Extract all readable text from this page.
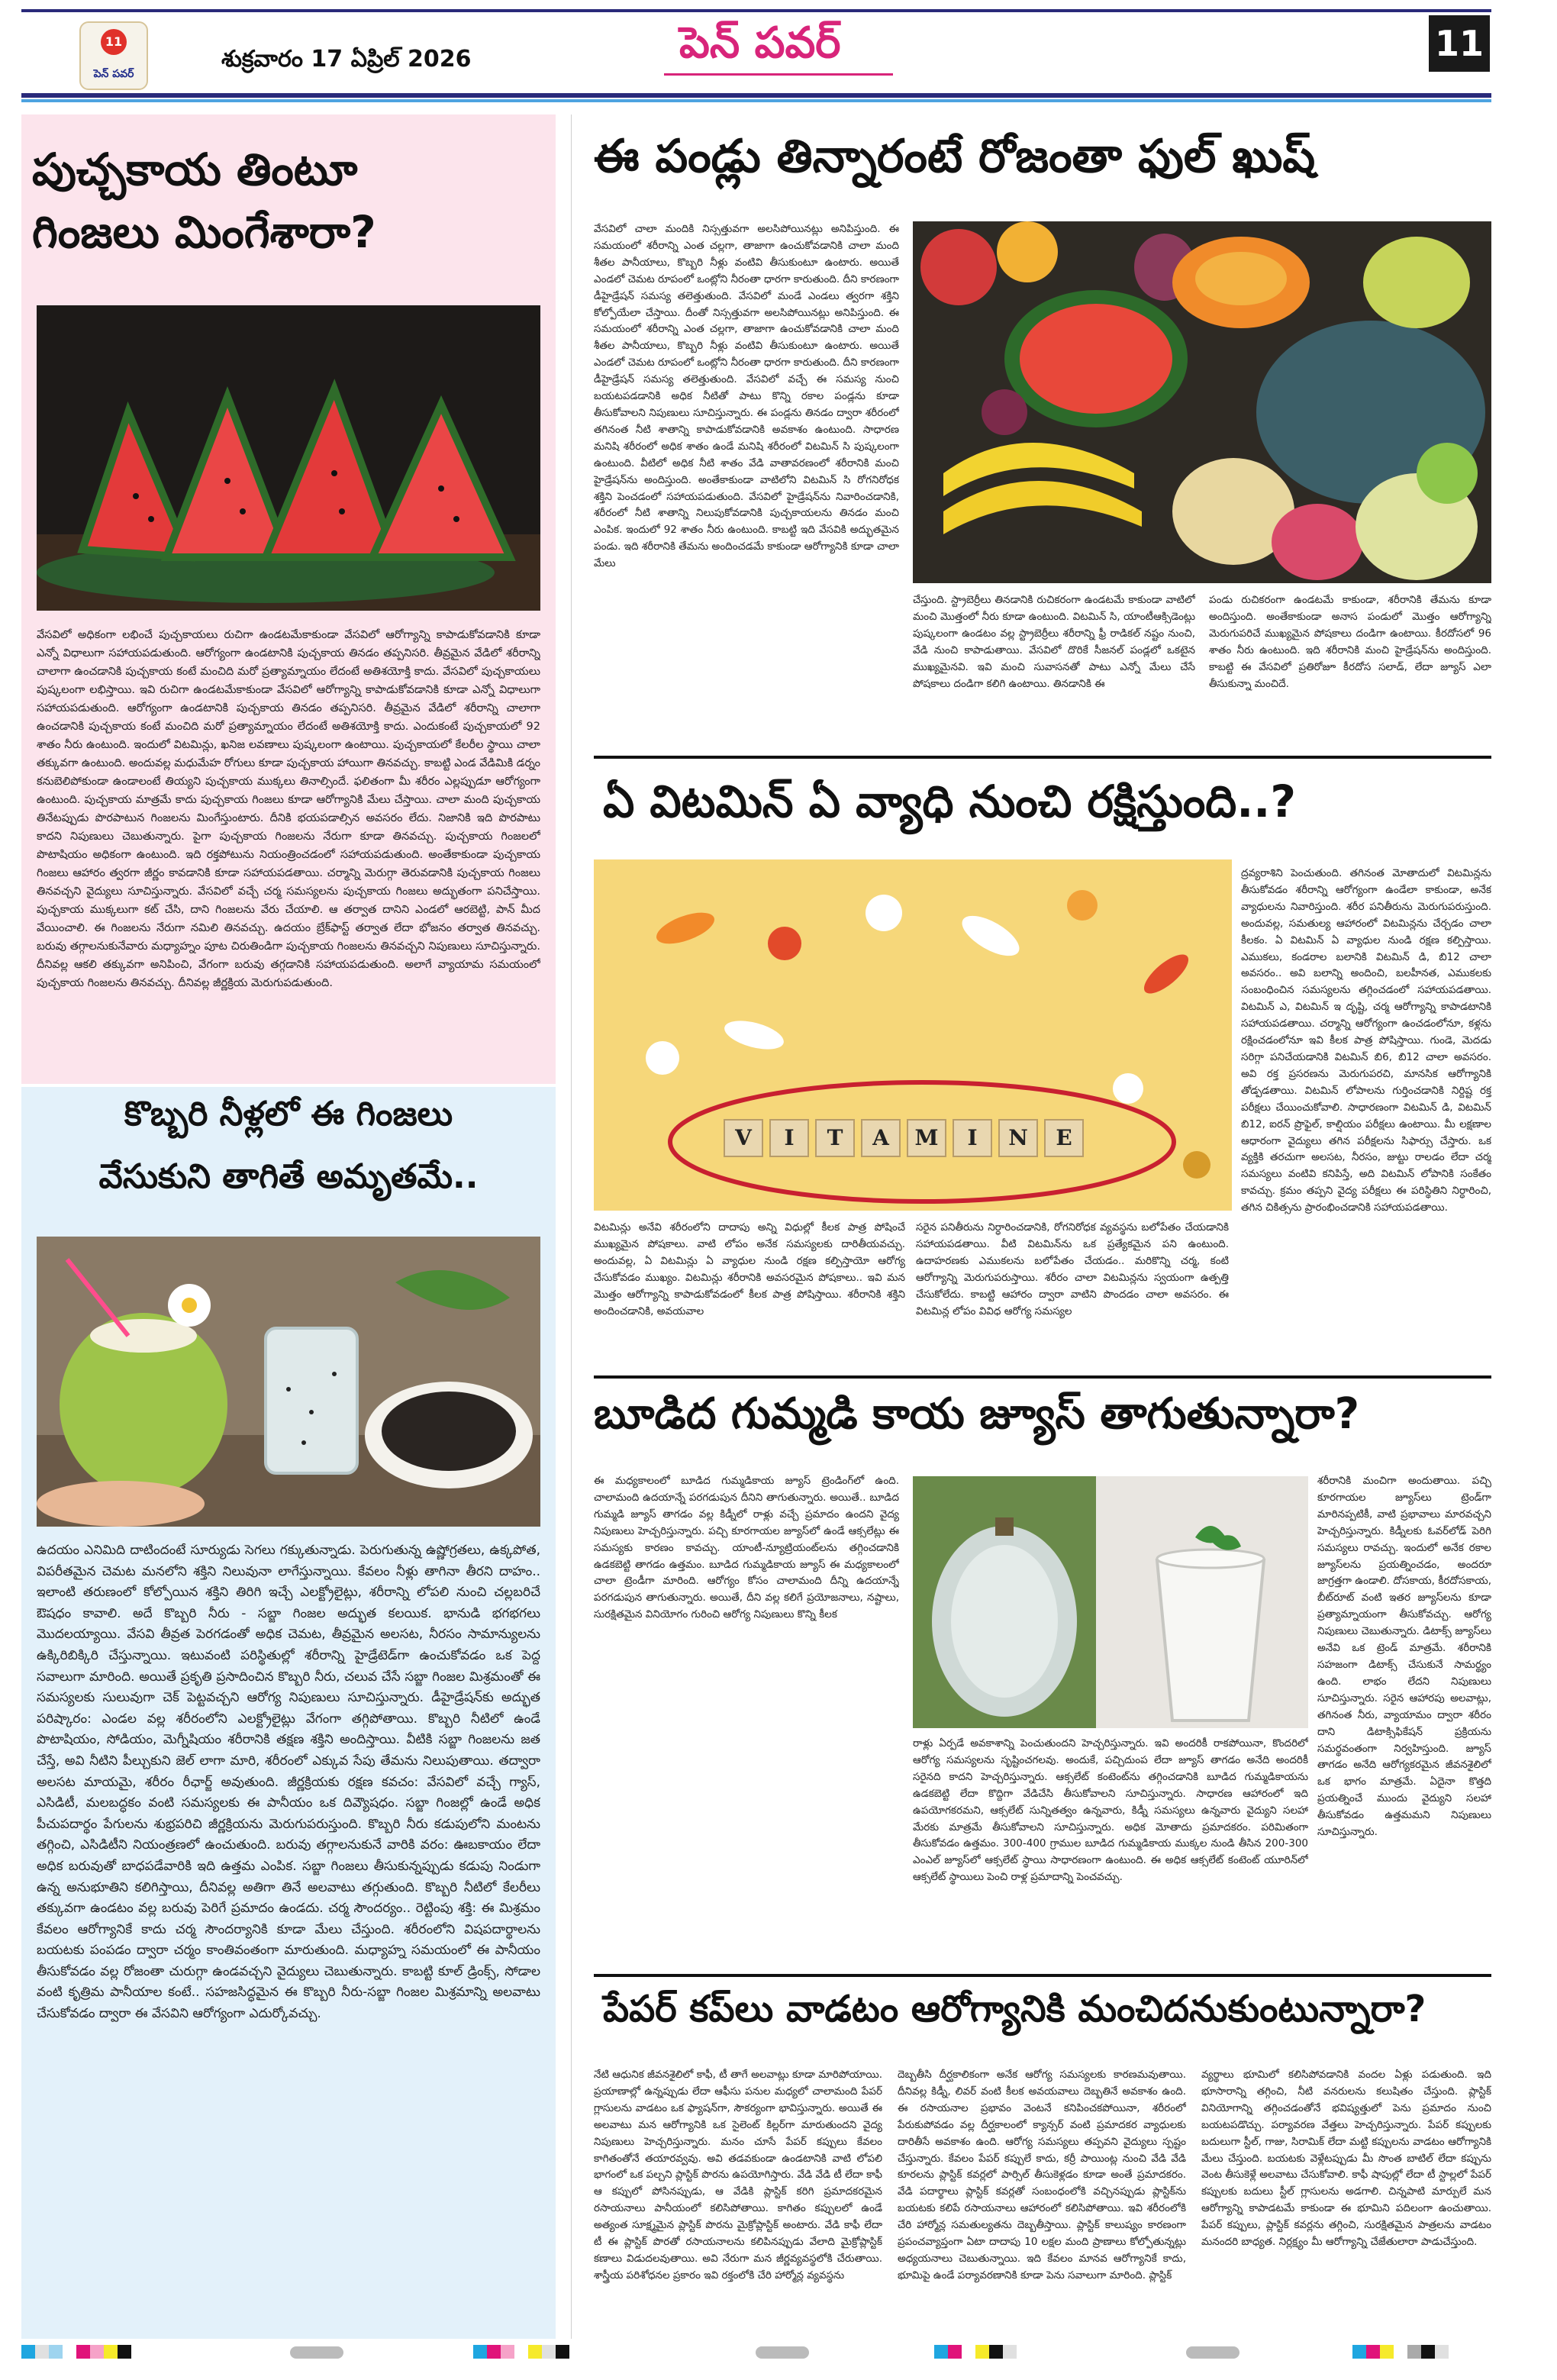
11
పెన్ పవర్
శుక్రవారం 17 ఏప్రిల్ 2026	పెన్ పవర్	11
పుచ్చకాయ తింటూ
గింజలు మింగేశారా?
వేసవిలో అధికంగా లభించే పుచ్చకాయలు రుచిగా ఉండటమేకాకుండా వేసవిలో ఆరోగ్యాన్ని కాపాడుకోవడానికి కూడా ఎన్నో విధాలుగా సహాయపడుతుంది. ఆరోగ్యంగా ఉండటానికి పుచ్చకాయ తినడం తప్పనిసరి. తీవ్రమైన వేడిలో శరీరాన్ని చాలాగా ఉంచడానికి పుచ్చకాయ కంటే మంచిది మరో ప్రత్యామ్నాయం లేదంటే అతిశయోక్తి కాదు. వేసవిలో పుచ్చకాయలు పుష్కలంగా లభిస్తాయి. ఇవి రుచిగా ఉండటమేకాకుండా వేసవిలో ఆరోగ్యాన్ని కాపాడుకోవడానికి కూడా ఎన్నో విధాలుగా సహాయపడుతుంది. ఆరోగ్యంగా ఉండటానికి పుచ్చకాయ తినడం తప్పనిసరి. తీవ్రమైన వేడిలో శరీరాన్ని చాలాగా ఉంచడానికి పుచ్చకాయ కంటే మంచిది మరో ప్రత్యామ్నాయం లేదంటే అతిశయోక్తి కాదు. ఎందుకంటే పుచ్చకాయలో 92 శాతం నీరు ఉంటుంది. ఇందులో విటమిన్లు, ఖనిజ లవణాలు పుష్కలంగా ఉంటాయి. పుచ్చకాయలో కేలరీల స్థాయి చాలా తక్కువగా ఉంటుంది. అందువల్ల మధుమేహ రోగులు కూడా పుచ్చకాయ హాయిగా తినవచ్చు. కాబట్టి ఎండ వేడిమికి డర్నం కనుబెలిపోకుండా ఉండాలంటే తియ్యని పుచ్చకాయ ముక్కలు తినాల్సిందే. ఫలితంగా మీ శరీరం ఎల్లప్పుడూ ఆరోగ్యంగా ఉంటుంది. పుచ్చకాయ మాత్రమే కాదు పుచ్చకాయ గింజలు కూడా ఆరోగ్యానికి మేలు చేస్తాయి. చాలా మంది పుచ్చకాయ తినేటప్పుడు పొరపాటున గింజలను మింగేస్తుంటారు. దీనికి భయపడాల్సిన అవసరం లేదు. నిజానికి ఇది పొరపాటు కాదని నిపుణులు చెబుతున్నారు. పైగా పుచ్చకాయ గింజలను నేరుగా కూడా తినవచ్చు. పుచ్చకాయ గింజలలో పొటాషియం అధికంగా ఉంటుంది. ఇది రక్తపోటును నియంత్రించడంలో సహాయపడుతుంది. అంతేకాకుండా పుచ్చకాయ గింజలు ఆహారం త్వరగా జీర్ణం కావడానికి కూడా సహాయపడతాయి. చర్మాన్ని మెరుగ్గా తెరువడానికి పుచ్చకాయ గింజలు తినవచ్చని వైద్యులు సూచిస్తున్నారు. వేసవిలో వచ్చే చర్మ సమస్యలను పుచ్చకాయ గింజలు అద్భుతంగా పనిచేస్తాయి. పుచ్చకాయ ముక్కలుగా కట్ చేసి, దాని గింజలను వేరు చేయాలి. ఆ తర్వాత దానిని ఎండలో ఆరబెట్టి, పాన్ మీద వేయించాలి. ఈ గింజలను నేరుగా నమిలి తినవచ్చు. ఉదయం బ్రేక్‌ఫాస్ట్ తర్వాత లేదా భోజనం తర్వాత తినవచ్చు. బరువు తగ్గాలనుకునేవారు మధ్యాహ్నం పూట చిరుతిండిగా పుచ్చకాయ గింజలను తినవచ్చని నిపుణులు సూచిస్తున్నారు. దీనివల్ల ఆకలి తక్కువగా అనిపించి, వేగంగా బరువు తగ్గడానికి సహాయపడుతుంది. అలాగే వ్యాయామ సమయంలో పుచ్చకాయ గింజలను తినవచ్చు. దీనివల్ల జీర్ణక్రియ మెరుగుపడుతుంది.
కొబ్బరి నీళ్లలో ఈ గింజలు
వేసుకుని తాగితే అమృతమే..
ఉదయం ఎనిమిది దాటిందంటే సూర్యుడు సెగలు గక్కుతున్నాడు. పెరుగుతున్న ఉష్ణోగ్రతలు, ఉక్కపోత, విపరీతమైన చెమట మనలోని శక్తిని నిలువునా లాగేస్తున్నాయి. కేవలం నీళ్లు తాగినా తీరని దాహం.. ఇలాంటి తరుణంలో కోల్పోయిన శక్తిని తిరిగి ఇచ్చే ఎలక్ట్రోలైట్లు, శరీరాన్ని లోపలి నుంచి చల్లబరిచే ఔషధం కావాలి. అదే కొబ్బరి నీరు - సబ్జా గింజల అద్భుత కలయిక. భానుడి భగభగలు మొదలయ్యాయి. వేసవి తీవ్రత పెరగడంతో అధిక చెమట, తీవ్రమైన అలసట, నీరసం సామాన్యులను ఉక్కిరిబిక్కిరి చేస్తున్నాయి. ఇటువంటి పరిస్థితుల్లో శరీరాన్ని హైడ్రేటెడ్‌గా ఉంచుకోవడం ఒక పెద్ద సవాలుగా మారింది. అయితే ప్రకృతి ప్రసాదించిన కొబ్బరి నీరు, చలువ చేసే సబ్జా గింజల మిశ్రమంతో ఈ సమస్యలకు సులువుగా చెక్ పెట్టవచ్చని ఆరోగ్య నిపుణులు సూచిస్తున్నారు. డీహైడ్రేషన్‌కు అద్భుత పరిష్కారం: ఎండల వల్ల శరీరంలోని ఎలక్ట్రోలైట్లు వేగంగా తగ్గిపోతాయి. కొబ్బరి నీటిలో ఉండే పొటాషియం, సోడియం, మెగ్నీషియం శరీరానికి తక్షణ శక్తిని అందిస్తాయి. వీటికి సబ్జా గింజలను జత చేస్తే, అవి నీటిని పీల్చుకుని జెల్ లాగా మారి, శరీరంలో ఎక్కువ సేపు తేమను నిలుపుతాయి. తద్వారా అలసట మాయమై, శరీరం రీఛార్జ్ అవుతుంది. జీర్ణక్రియకు రక్షణ కవచం: వేసవిలో వచ్చే గ్యాస్, ఎసిడిటీ, మలబద్ధకం వంటి సమస్యలకు ఈ పానీయం ఒక దివ్యౌషధం. సబ్జా గింజల్లో ఉండే అధిక పీచుపదార్థం పేగులను శుభ్రపరిచి జీర్ణక్రియను మెరుగుపరుస్తుంది. కొబ్బరి నీరు కడుపులోని మంటను తగ్గించి, ఎసిడిటీని నియంత్రణలో ఉంచుతుంది. బరువు తగ్గాలనుకునే వారికి వరం: ఊబకాయం లేదా అధిక బరువుతో బాధపడేవారికి ఇది ఉత్తమ ఎంపిక. సబ్జా గింజలు తీసుకున్నప్పుడు కడుపు నిండుగా ఉన్న అనుభూతిని కలిగిస్తాయి, దీనివల్ల అతిగా తినే అలవాటు తగ్గుతుంది. కొబ్బరి నీటిలో కేలరీలు తక్కువగా ఉండటం వల్ల బరువు పెరిగే ప్రమాదం ఉండదు. చర్మ సౌందర్యం.. రెట్టింపు శక్తి: ఈ మిశ్రమం కేవలం ఆరోగ్యానికే కాదు చర్మ సౌందర్యానికి కూడా మేలు చేస్తుంది. శరీరంలోని విషపదార్థాలను బయటకు పంపడం ద్వారా చర్మం కాంతివంతంగా మారుతుంది. మధ్యాహ్న సమయంలో ఈ పానీయం తీసుకోవడం వల్ల రోజంతా చురుగ్గా ఉండవచ్చని వైద్యులు చెబుతున్నారు. కాబట్టి కూల్ డ్రింక్స్, సోడాల వంటి కృత్రిమ పానీయాల కంటే.. సహజసిద్ధమైన ఈ కొబ్బరి నీరు-సబ్జా గింజల మిశ్రమాన్ని అలవాటు చేసుకోవడం ద్వారా ఈ వేసవిని ఆరోగ్యంగా ఎదుర్కోవచ్చు.
ఈ పండ్లు తిన్నారంటే రోజంతా ఫుల్ ఖుష్
వేసవిలో చాలా మందికి నిస్సత్తువగా అలసిపోయినట్లు అనిపిస్తుంది. ఈ సమయంలో శరీరాన్ని ఎంత చల్లగా, తాజాగా ఉంచుకోవడానికి చాలా మంది శీతల పానీయాలు, కొబ్బరి నీళ్లు వంటివి తీసుకుంటూ ఉంటారు. అయితే ఎండలో చెమట రూపంలో ఒంట్లోని నీరంతా ధారగా కారుతుంది. దీని కారణంగా డీహైడ్రేషన్ సమస్య తలెత్తుతుంది. వేసవిలో మండే ఎండలు త్వరగా శక్తిని కోల్పోయేలా చేస్తాయి. దీంతో నిస్సత్తువగా అలసిపోయినట్లు అనిపిస్తుంది. ఈ సమయంలో శరీరాన్ని ఎంత చల్లగా, తాజాగా ఉంచుకోవడానికి చాలా మంది శీతల పానీయాలు, కొబ్బరి నీళ్లు వంటివి తీసుకుంటూ ఉంటారు. అయితే ఎండలో చెమట రూపంలో ఒంట్లోని నీరంతా ధారగా కారుతుంది. దీని కారణంగా డీహైడ్రేషన్ సమస్య తలెత్తుతుంది. వేసవిలో వచ్చే ఈ సమస్య నుంచి బయటపడడానికి అధిక నీటితో పాటు కొన్ని రకాల పండ్లను కూడా తీసుకోవాలని నిపుణులు సూచిస్తున్నారు. ఈ పండ్లను తినడం ద్వారా శరీరంలో తగినంత నీటి శాతాన్ని కాపాడుకోవడానికి అవకాశం ఉంటుంది. సాధారణ మనిషి శరీరంలో అధిక శాతం ఉండే మనిషి శరీరంలో విటమిన్ సి పుష్కలంగా ఉంటుంది. వీటిలో అధిక నీటి శాతం వేడి వాతావరణంలో శరీరానికి మంచి హైడ్రేషన్‌ను అందిస్తుంది. అంతేకాకుండా వాటిలోని విటమిన్ సి రోగనిరోధక శక్తిని పెంచడంలో సహాయపడుతుంది. వేసవిలో హైడ్రేషన్‌ను నివారించడానికి, శరీరంలో నీటి శాతాన్ని నిలుపుకోవడానికి పుచ్చకాయలను తినడం మంచి ఎంపిక. ఇందులో 92 శాతం నీరు ఉంటుంది. కాబట్టి ఇది వేసవికి అద్భుతమైన పండు. ఇది శరీరానికి తేమను అందించడమే కాకుండా ఆరోగ్యానికి కూడా చాలా మేలు
చేస్తుంది. స్ట్రాబెర్రీలు తినడానికి రుచికరంగా ఉండటమే కాకుండా వాటిలో మంచి మొత్తంలో నీరు కూడా ఉంటుంది. విటమిన్ సి, యాంటీఆక్సిడెంట్లు పుష్కలంగా ఉండటం వల్ల స్ట్రాబెర్రీలు శరీరాన్ని ఫ్రీ రాడికల్ నష్టం నుంచి, వేడి నుంచి కాపాడుతాయి. వేసవిలో దొరికే సీజనల్ పండ్లలో ఒకటైన ముఖ్యమైనవి. ఇవి మంచి సువాసనతో పాటు ఎన్నో మేలు చేసే పోషకాలు దండిగా కలిగి ఉంటాయి. తినడానికి ఈ
పండు రుచికరంగా ఉండటమే కాకుండా, శరీరానికి తేమను కూడా అందిస్తుంది. అంతేకాకుండా అనాస పండులో మొత్తం ఆరోగ్యాన్ని మెరుగుపరిచే ముఖ్యమైన పోషకాలు దండిగా ఉంటాయి. కీరదోసలో 96 శాతం నీరు ఉంటుంది. ఇది శరీరానికి మంచి హైడ్రేషన్‌ను అందిస్తుంది. కాబట్టి ఈ వేసవిలో ప్రతిరోజూ కీరదోస సలాడ్, లేదా జ్యూస్ ఎలా తీసుకున్నా మంచిదే.
ఏ విటమిన్ ఏ వ్యాధి నుంచి రక్షిస్తుంది..?
V	I	T	A	M	I	N	E
ద్రవ్యరాశిని పెంచుతుంది. తగినంత మోతాదులో విటమిన్లను తీసుకోవడం శరీరాన్ని ఆరోగ్యంగా ఉండేలా కాకుండా, అనేక వ్యాధులను నివారిస్తుంది. శరీర పనితీరును మెరుగుపరుస్తుంది. అందువల్ల, సమతుల్య ఆహారంలో విటమిన్లను చేర్చడం చాలా కీలకం. ఏ విటమిన్ ఏ వ్యాధుల నుండి రక్షణ కల్పిస్తాయి. ఎముకలు, కండరాల బలానికి విటమిన్ డి, బి12 చాలా అవసరం.. అవి బలాన్ని అందించి, బలహీనత, ఎముకలకు సంబంధించిన సమస్యలను తగ్గించడంలో సహాయపడతాయి. విటమిన్ ఎ, విటమిన్ ఇ దృష్టి, చర్మ ఆరోగ్యాన్ని కాపాడటానికి సహాయపడతాయి. చర్మాన్ని ఆరోగ్యంగా ఉంచడంలోనూ, కళ్లను రక్షించడంలోనూ ఇవి కీలక పాత్ర పోషిస్తాయి. గుండె, మెదడు సరిగ్గా పనిచేయడానికి విటమిన్ బి6, బి12 చాలా అవసరం. అవి రక్త ప్రసరణను మెరుగుపరచి, మానసిక ఆరోగ్యానికి తోడ్పడతాయి. విటమిన్ లోపాలను గుర్తించడానికి నిర్దిష్ట రక్త పరీక్షలు చేయించుకోవాలి. సాధారణంగా విటమిన్ డి, విటమిన్ బి12, ఐరన్ ప్రొఫైల్, కాల్షియం పరీక్షలు ఉంటాయి. మీ లక్షణాల ఆధారంగా వైద్యులు తగిన పరీక్షలను సిఫార్సు చేస్తారు. ఒక వ్యక్తికి తరచుగా అలసట, నీరసం, జుట్టు రాలడం లేదా చర్మ సమస్యలు వంటివి కనిపిస్తే, అది విటమిన్ లోపానికి సంకేతం కావచ్చు. క్రమం తప్పని వైద్య పరీక్షలు ఈ పరిస్థితిని నిర్ధారించి, తగిన చికిత్సను ప్రారంభించడానికి సహాయపడతాయి.
విటమిన్లు అనేవి శరీరంలోని దాదాపు అన్ని విధుల్లో కీలక పాత్ర పోషించే ముఖ్యమైన పోషకాలు. వాటి లోపం అనేక సమస్యలకు దారితీయవచ్చు. అందువల్ల, ఏ విటమిన్లు ఏ వ్యాధుల నుండి రక్షణ కల్పిస్తాయో ఆరోగ్య చేసుకోవడం ముఖ్యం. విటమిన్లు శరీరానికి అవసరమైన పోషకాలు.. ఇవి మన మొత్తం ఆరోగ్యాన్ని కాపాడుకోవడంలో కీలక పాత్ర పోషిస్తాయి. శరీరానికి శక్తిని అందించడానికి, అవయవాల
సరైన పనితీరును నిర్ధారించడానికి, రోగనిరోధక వ్యవస్థను బలోపేతం చేయడానికి సహాయపడతాయి. వీటి విటమిన్‌ను ఒక ప్రత్యేకమైన పని ఉంటుంది. ఉదాహరణకు ఎముకలను బలోపేతం చేయడం.. మరికొన్ని చర్మ, కంటి ఆరోగ్యాన్ని మెరుగుపరుస్తాయి. శరీరం చాలా విటమిన్లను స్వయంగా ఉత్పత్తి చేసుకోలేదు. కాబట్టి ఆహారం ద్వారా వాటిని పొందడం చాలా అవసరం. ఈ విటమిన్ల లోపం వివిధ ఆరోగ్య సమస్యల
బూడిద గుమ్మడి కాయ జ్యూస్ తాగుతున్నారా?
ఈ మధ్యకాలంలో బూడిద గుమ్మడికాయ జ్యూస్ ట్రెండింగ్‌లో ఉంది. చాలామంది ఉదయాన్నే పరగడుపున దీనిని తాగుతున్నారు. అయితే.. బూడిద గుమ్మడి జ్యూస్ తాగడం వల్ల కిడ్నీలో రాళ్లు వచ్చే ప్రమాదం ఉందని వైద్య నిపుణులు హెచ్చరిస్తున్నారు. పచ్చి కూరగాయల జ్యూస్‌లో ఉండే ఆక్సలేట్లు ఈ సమస్యకు కారణం కావచ్చు. యాంటీ-న్యూట్రియంట్‌లను తగ్గించడానికి ఉడకబెట్టి తాగడం ఉత్తమం. బూడిద గుమ్మడికాయ జ్యూస్ ఈ మధ్యకాలంలో చాలా ట్రెండీగా మారింది. ఆరోగ్యం కోసం చాలామంది దీన్ని ఉదయాన్నే పరగడుపున తాగుతున్నారు. అయితే, దీని వల్ల కలిగే ప్రయోజనాలు, నష్టాలు, సురక్షితమైన వినియోగం గురించి ఆరోగ్య నిపుణులు కొన్ని కీలక
శరీరానికి మంచిగా అందుతాయి. పచ్చి కూరగాయల జ్యూస్‌లు ట్రెండ్‌గా మారినప్పటికీ, వాటి ప్రభావాలు మారవచ్చని హెచ్చరిస్తున్నారు. కిడ్నీలకు ఓవర్‌లోడ్ పెరిగి సమస్యలు రావచ్చు. ఇందులో అనేక రకాల జ్యూస్‌లను ప్రయత్నించడం, అందరూ జాగ్రత్తగా ఉండాలి. దోసకాయ, కీరదోసకాయ, బీట్‌రూట్ వంటి ఇతర జ్యూస్‌లను కూడా ప్రత్యామ్నాయంగా తీసుకోవచ్చు. ఆరోగ్య నిపుణులు చెబుతున్నారు. డిటాక్స్ జ్యూస్‌లు అనేవి ఒక ట్రెండ్ మాత్రమే. శరీరానికి సహజంగా డిటాక్స్ చేసుకునే సామర్థ్యం ఉంది. లాభం లేదని నిపుణులు సూచిస్తున్నారు. సరైన ఆహారపు అలవాట్లు, తగినంత నీరు, వ్యాయామం ద్వారా శరీరం దాని డిటాక్సిఫికేషన్ ప్రక్రియను సమర్థవంతంగా నిర్వహిస్తుంది. జ్యూస్ తాగడం అనేది ఆరోగ్యకరమైన జీవనశైలిలో ఒక భాగం మాత్రమే. ఏదైనా కొత్తది ప్రయత్నించే ముందు వైద్యుని సలహా తీసుకోవడం ఉత్తమమని నిపుణులు సూచిస్తున్నారు.
రాళ్లు ఏర్పడే అవకాశాన్ని పెంచుతుందని హెచ్చరిస్తున్నారు. ఇవి అందరికీ రాకపోయినా, కొందరిలో ఆరోగ్య సమస్యలను సృష్టించగలవు. అందుకే, పచ్చిదుంప లేదా జ్యూస్ తాగడం అనేది అందరికీ సరైనది కాదని హెచ్చరిస్తున్నారు. ఆక్సలేట్ కంటెంట్‌ను తగ్గించడానికి బూడిద గుమ్మడికాయను ఉడకబెట్టి లేదా కొద్దిగా వేడిచేసి తీసుకోవాలని సూచిస్తున్నారు. సాధారణ ఆహారంలో ఇది ఉపయోగకరమని, ఆక్సలేట్ సున్నితత్వం ఉన్నవారు, కిడ్నీ సమస్యలు ఉన్నవారు వైద్యుని సలహా మేరకు మాత్రమే తీసుకోవాలని సూచిస్తున్నారు. అధిక మోతాదు ప్రమాదకరం. పరిమితంగా తీసుకోవడం ఉత్తమం. 300-400 గ్రాముల బూడిద గుమ్మడికాయ ముక్కల నుండి తీసిన 200-300 ఎంఎల్ జ్యూస్‌లో ఆక్సలేట్ స్థాయి సాధారణంగా ఉంటుంది. ఈ అధిక ఆక్సలేట్ కంటెంట్ యూరిన్‌లో ఆక్సలేట్ స్థాయిలు పెంచి రాళ్ల ప్రమాదాన్ని పెంచవచ్చు.
పేపర్ కప్‌లు వాడటం ఆరోగ్యానికి మంచిదనుకుంటున్నారా?
నేటి ఆధునిక జీవనశైలిలో కాఫీ, టీ తాగే అలవాట్లు కూడా మారిపోయాయి. ప్రయాణాల్లో ఉన్నప్పుడు లేదా ఆఫీసు పనుల మధ్యలో చాలామంది పేపర్ గ్లాసులను వాడటం ఒక ఫ్యాషన్‌గా, సౌకర్యంగా భావిస్తున్నారు. అయితే ఈ అలవాటు మన ఆరోగ్యానికి ఒక సైలెంట్ కిల్లర్‌గా మారుతుందని వైద్య నిపుణులు హెచ్చరిస్తున్నారు. మనం చూసే పేపర్ కప్పులు కేవలం కాగితంతోనే తయారవ్వవు. అవి తడవకుండా ఉండటానికి వాటి లోపలి భాగంలో ఒక పల్చని ప్లాస్టిక్ పొరను ఉపయోగిస్తారు. వేడి వేడి టీ లేదా కాఫీ ఆ కప్పులో పోసినప్పుడు, ఆ వేడికి ప్లాస్టిక్ కరిగి ప్రమాదకరమైన రసాయనాలు పానీయంలో కలిసిపోతాయి. కాగితం కప్పులలో ఉండే అత్యంత సూక్ష్మమైన ప్లాస్టిక్ పొరను మైక్రోప్లాస్టిక్ అంటారు. వేడి కాఫీ లేదా టీ ఈ ప్లాస్టిక్ పొరతో రసాయనాలను కలిపినప్పుడు వేలాది మైక్రోప్లాస్టిక్ కణాలు విడుదలవుతాయి. అవి నేరుగా మన జీర్ణవ్యవస్థలోకి చేరుతాయి. శాస్త్రీయ పరిశోధనల ప్రకారం ఇవి రక్తంలోకి చేరి హార్మోన్ల వ్యవస్థను
దెబ్బతీసి దీర్ఘకాలికంగా అనేక ఆరోగ్య సమస్యలకు కారణమవుతాయి. దీనివల్ల కిడ్నీ, లివర్ వంటి కీలక అవయవాలు దెబ్బతినే అవకాశం ఉంది. ఈ రసాయనాల ప్రభావం వెంటనే కనిపించకపోయినా, శరీరంలో పేరుకుపోవడం వల్ల దీర్ఘకాలంలో క్యాన్సర్ వంటి ప్రమాదకర వ్యాధులకు దారితీసే అవకాశం ఉంది. ఆరోగ్య సమస్యలు తప్పవని వైద్యులు స్పష్టం చేస్తున్నారు. కేవలం పేపర్ కప్పులే కాదు, కర్రీ పాయింట్ల నుంచి వేడి వేడి కూరలను ప్లాస్టిక్ కవర్లలో పార్సిల్ తీసుకెళ్లడం కూడా అంతే ప్రమాదకరం. వేడి పదార్థాలు ప్లాస్టిక్ కవర్లతో సంబంధంలోకి వచ్చినప్పుడు ప్లాస్టిక్‌ను బయటకు కలిపే రసాయనాలు ఆహారంలో కలిసిపోతాయి. ఇవి శరీరంలోకి చేరి హార్మోన్ల సమతుల్యతను దెబ్బతీస్తాయి. ప్లాస్టిక్ కాలుష్యం కారణంగా ప్రపంచవ్యాప్తంగా ఏటా దాదాపు 10 లక్షల మంది ప్రాణాలు కోల్పోతున్నట్లు అధ్యయనాలు చెబుతున్నాయి. ఇది కేవలం మానవ ఆరోగ్యానికే కాదు, భూమిపై ఉండే పర్యావరణానికి కూడా పెను సవాలుగా మారింది. ప్లాస్టిక్
వ్యర్థాలు భూమిలో కలిసిపోవడానికి వందల ఏళ్లు పడుతుంది. ఇది భూసారాన్ని తగ్గించి, నీటి వనరులను కలుషితం చేస్తుంది. ప్లాస్టిక్ వినియోగాన్ని తగ్గించడంతోనే భవిష్యత్తులో పెను ప్రమాదం నుంచి బయటపడొచ్చు. పర్యావరణ వేత్తలు హెచ్చరిస్తున్నారు. పేపర్ కప్పులకు బదులుగా స్టీల్, గాజు, సిరామిక్ లేదా మట్టి కప్పులను వాడటం ఆరోగ్యానికి మేలు చేస్తుంది. బయటకు వెళ్లేటప్పుడు మీ సొంత బాటిల్ లేదా కప్పును వెంట తీసుకెళ్లే అలవాటు చేసుకోవాలి. కాఫీ షాపుల్లో లేదా టీ స్టాల్లలో పేపర్ కప్పులకు బదులు స్టీల్ గ్లాసులను అడగాలి. చిన్నపాటి మార్పులే మన ఆరోగ్యాన్ని కాపాడటమే కాకుండా ఈ భూమిని పదిలంగా ఉంచుతాయి. పేపర్ కప్పులు, ప్లాస్టిక్ కవర్లను తగ్గించి, సురక్షితమైన పాత్రలను వాడటం మనందరి బాధ్యత. నిర్లక్ష్యం మీ ఆరోగ్యాన్ని చేజేతులారా పాడుచేస్తుంది.
